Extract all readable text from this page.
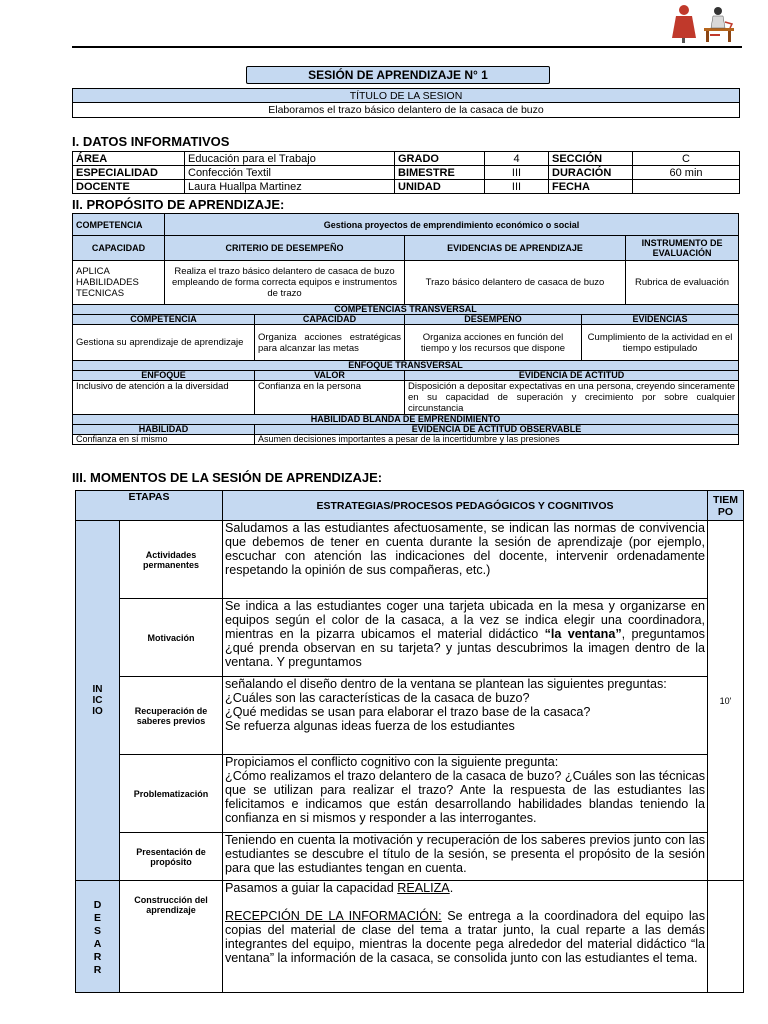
SESIÓN DE APRENDIZAJE N° 1
TÍTULO DE LA SESION
Elaboramos el trazo básico delantero de la casaca de buzo
I. DATOS INFORMATIVOS
ÁREA	Educación para el Trabajo	GRADO	4	SECCIÓN	C
ESPECIALIDAD	Confección Textil	BIMESTRE	III	DURACIÓN	60 min
DOCENTE	Laura Huallpa Martinez	UNIDAD	III	FECHA	
II. PROPÓSITO DE APRENDIZAJE:
COMPETENCIA	Gestiona proyectos de emprendimiento económico o social				
CAPACIDAD	CRITERIO DE DESEMPEÑO		EVIDENCIAS DE APRENDIZAJE		INSTRUMENTO DE EVALUACIÓN
APLICA HABILIDADES TECNICAS	Realiza el trazo básico delantero de casaca de buzo empleando de forma correcta equipos e instrumentos de trazo		Trazo básico delantero de casaca de buzo		Rubrica de evaluación
COMPETENCIAS TRANSVERSAL					
COMPETENCIA		CAPACIDAD	DESEMPEÑO	EVIDENCIAS	
Gestiona su aprendizaje de aprendizaje		Organiza acciones estratégicas para alcanzar las metas	Organiza acciones en función del tiempo y los recursos que dispone	Cumplimiento de la actividad en el tiempo estipulado	
ENFOQUE TRANSVERSAL					
ENFOQUE		VALOR	EVIDENCIA DE ACTITUD		
Inclusivo de atención a la diversidad		Confianza en la persona	Disposición a depositar expectativas en una persona, creyendo sinceramente en su capacidad de superación y crecimiento por sobre cualquier circunstancia		
HABILIDAD BLANDA DE EMPRENDIMIENTO					
HABILIDAD		EVIDENCIA DE ACTITUD OBSERVABLE			
Confianza en sí mismo		Asumen decisiones importantes a pesar de la incertidumbre y las presiones			
III. MOMENTOS DE LA SESIÓN DE APRENDIZAJE:
ETAPAS		ESTRATEGIAS/PROCESOS PEDAGÓGICOS Y COGNITIVOS	TIEM PO
IN IC IO	Actividades permanentes	Saludamos a las estudiantes afectuosamente, se indican las normas de convivencia que debemos de tener en cuenta durante la sesión de aprendizaje (por ejemplo, escuchar con atención las indicaciones del docente, intervenir ordenadamente respetando la opinión de sus compañeras, etc.)	10'
	Motivación	Se indica a las estudiantes coger una tarjeta ubicada en la mesa y organizarse en equipos según el color de la casaca, a la vez se indica elegir una coordinadora, mientras en la pizarra ubicamos el material didáctico “la ventana”, preguntamos ¿qué prenda observan en su tarjeta? y juntas descubrimos la imagen dentro de la ventana. Y preguntamos	
	Recuperación de saberes previos	señalando el diseño dentro de la ventana se plantean las siguientes preguntas:
¿Cuáles son las características de la casaca de buzo?
¿Qué medidas se usan para elaborar el trazo base de la casaca?
Se refuerza algunas ideas fuerza de los estudiantes	
	Problematización	Propiciamos el conflicto cognitivo con la siguiente pregunta:
¿Cómo realizamos el trazo delantero de la casaca de buzo? ¿Cuáles son las técnicas que se utilizan para realizar el trazo? Ante la respuesta de las estudiantes las felicitamos e indicamos que están desarrollando habilidades blandas teniendo la confianza en si mismos y responder a las interrogantes.	
	Presentación de propósito	Teniendo en cuenta la motivación y recuperación de los saberes previos junto con las estudiantes se descubre el título de la sesión, se presenta el propósito de la sesión para que las estudiantes tengan en cuenta.	
D E S A R R	Construcción del aprendizaje	Pasamos a guiar la capacidad REALIZA.

RECEPCIÓN DE LA INFORMACIÓN: Se entrega a la coordinadora del equipo las copias del material de clase del tema a tratar junto, la cual reparte a las demás integrantes del equipo, mientras la docente pega alrededor del material didáctico “la ventana” la información de la casaca, se consolida junto con las estudiantes el tema.	
